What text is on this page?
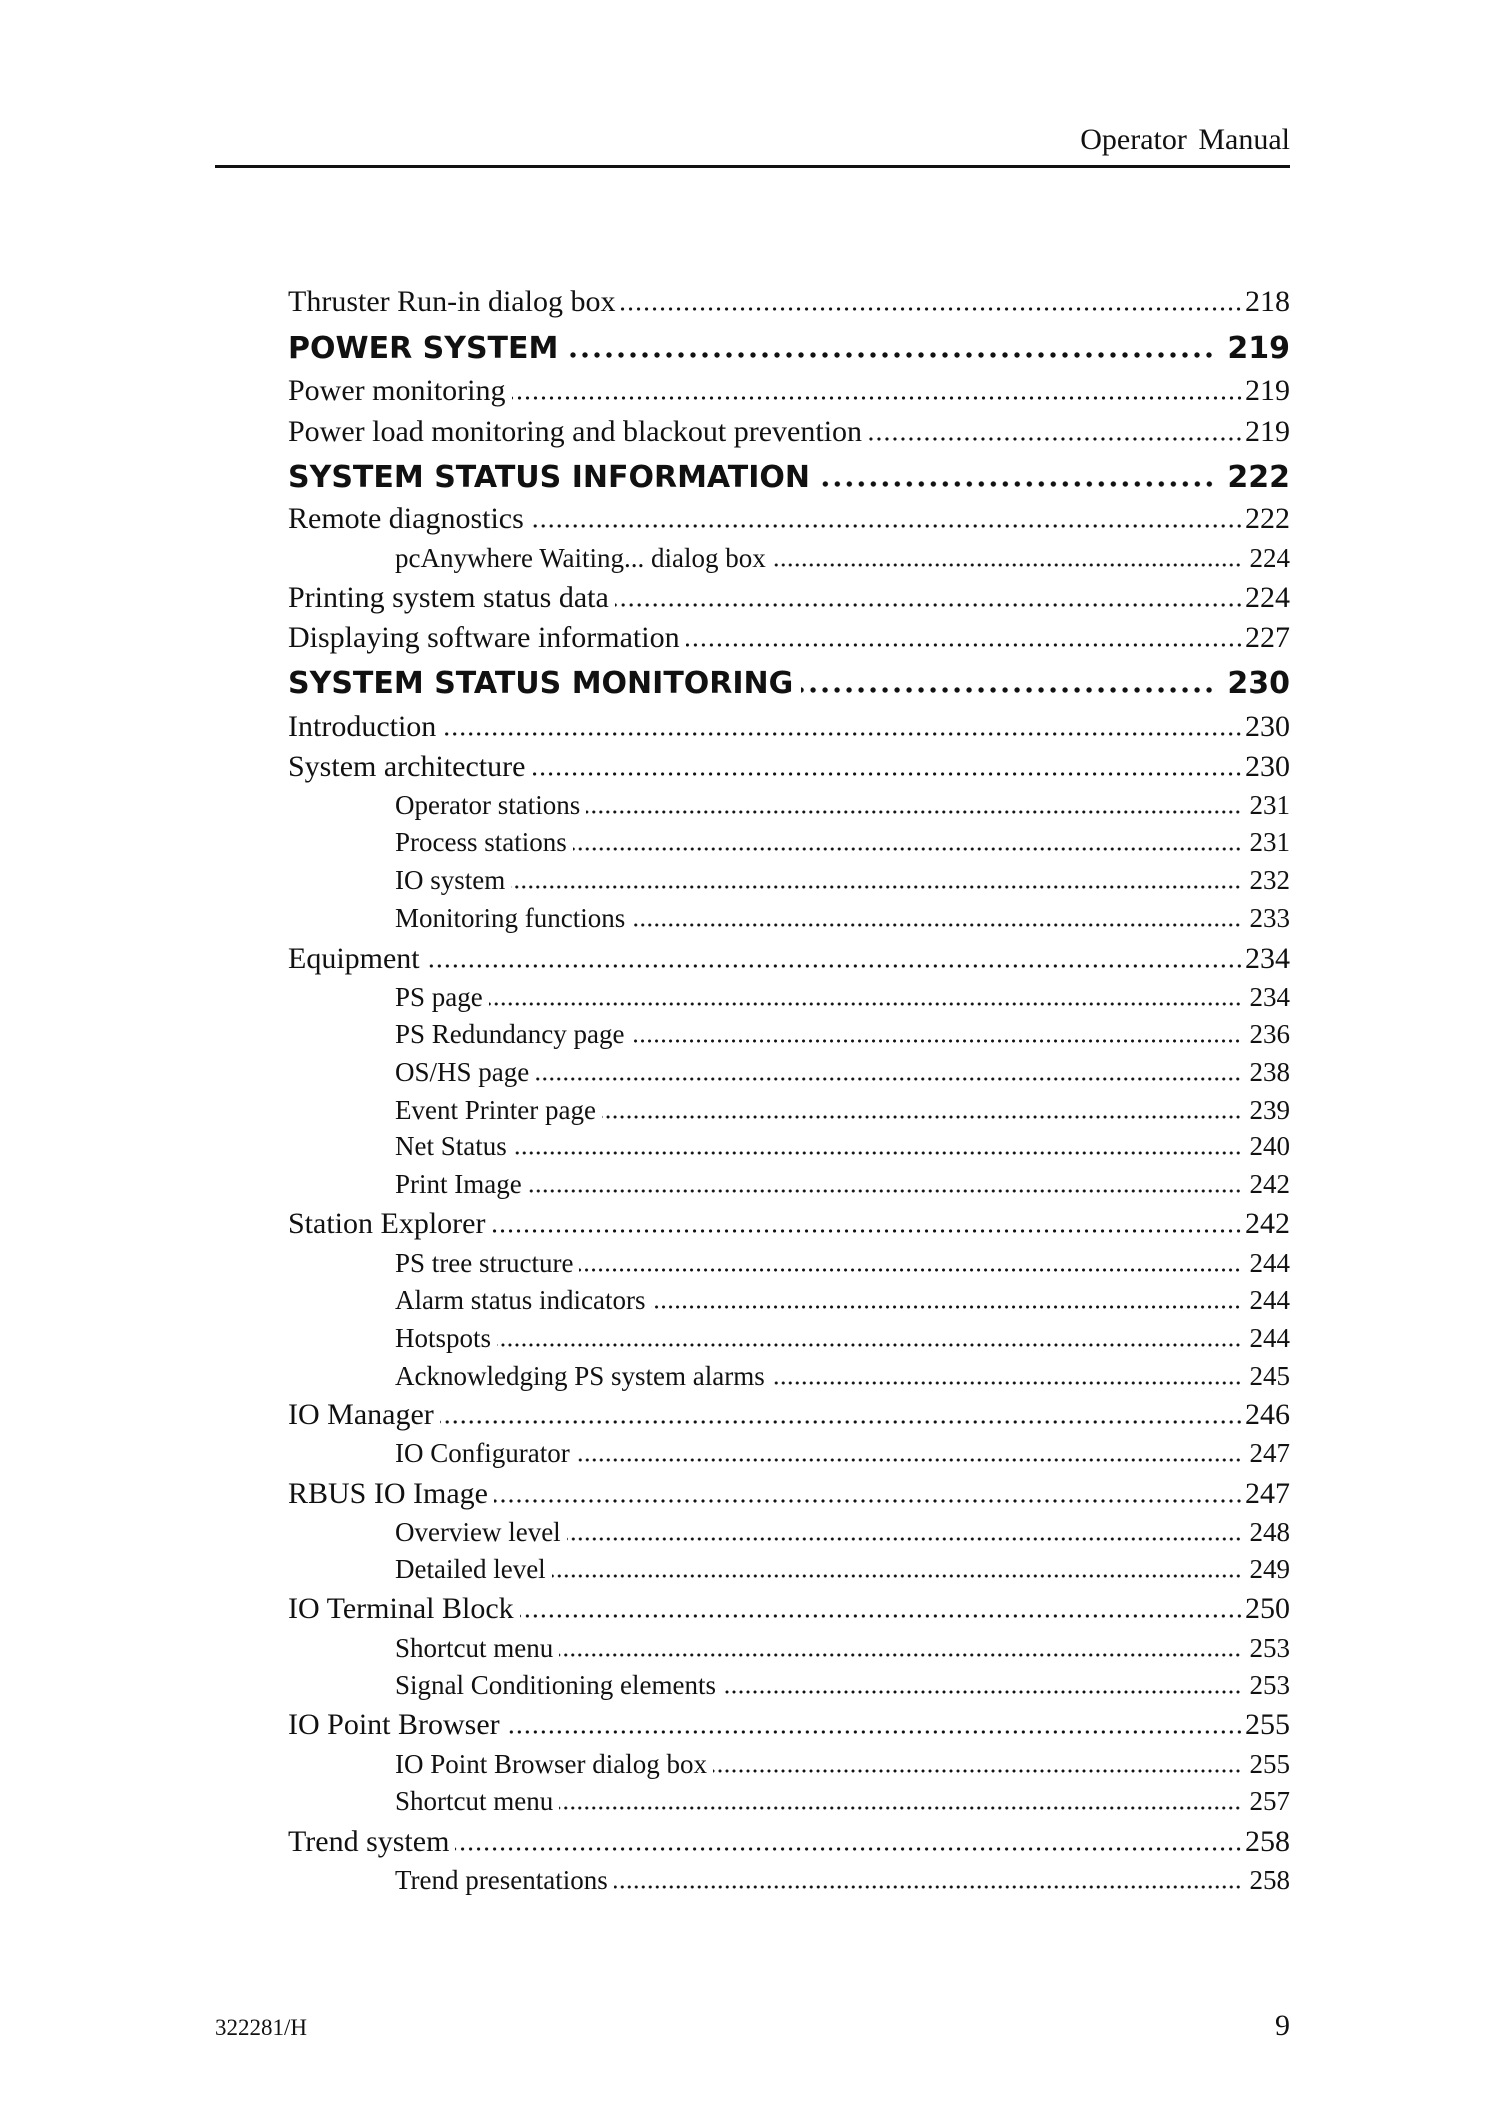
Operator Manual
Thruster Run-in dialog box	218
POWER SYSTEM	219
Power monitoring	219
Power load monitoring and blackout prevention	219
SYSTEM STATUS INFORMATION	222
Remote diagnostics	222
pcAnywhere Waiting... dialog box	224
Printing system status data	224
Displaying software information	227
SYSTEM STATUS MONITORING	230
Introduction	230
System architecture	230
Operator stations	231
Process stations	231
IO system	232
Monitoring functions	233
Equipment	234
PS page	234
PS Redundancy page	236
OS/HS page	238
Event Printer page	239
Net Status	240
Print Image	242
Station Explorer	242
PS tree structure	244
Alarm status indicators	244
Hotspots	244
Acknowledging PS system alarms	245
IO Manager	246
IO Configurator	247
RBUS IO Image	247
Overview level	248
Detailed level	249
IO Terminal Block	250
Shortcut menu	253
Signal Conditioning elements	253
IO Point Browser	255
IO Point Browser dialog box	255
Shortcut menu	257
Trend system	258
Trend presentations	258
322281/H	9
